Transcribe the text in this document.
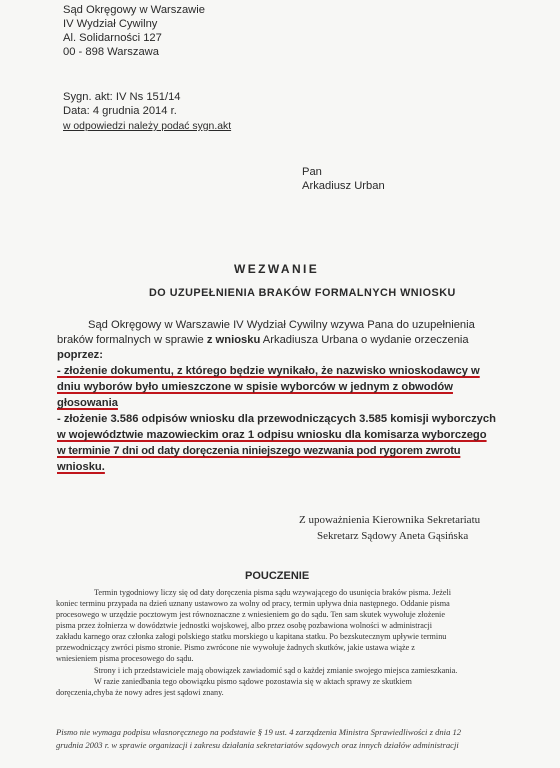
Sąd Okręgowy w Warszawie
IV Wydział Cywilny
Al. Solidarności 127
00 - 898 Warszawa
Sygn. akt: IV Ns 151/14
Data: 4 grudnia 2014 r.
w odpowiedzi należy podać sygn.akt
Pan
Arkadiusz Urban
WEZWANIE
DO UZUPEŁNIENIA BRAKÓW FORMALNYCH WNIOSKU
Sąd Okręgowy w Warszawie IV Wydział Cywilny wzywa Pana do uzupełnienia
braków formalnych w sprawie z wniosku Arkadiusza Urbana o wydanie orzeczenia
poprzez:
- złożenie dokumentu, z którego będzie wynikało, że nazwisko wnioskodawcy w
dniu wyborów było umieszczone w spisie wyborców w jednym z obwodów
głosowania
- złożenie 3.586 odpisów wniosku dla przewodniczących 3.585 komisji wyborczych
w województwie mazowieckim oraz 1 odpisu wniosku dla komisarza wyborczego
w terminie 7 dni od daty doręczenia niniejszego wezwania pod rygorem zwrotu
wniosku.
Z upoważnienia Kierownika Sekretariatu
Sekretarz Sądowy Aneta Gąsińska
POUCZENIE
Termin tygodniowy liczy się od daty doręczenia pisma sądu wzywającego do usunięcia braków pisma. Jeżeli
koniec terminu przypada na dzień uznany ustawowo za wolny od pracy, termin upływa dnia następnego. Oddanie pisma
procesowego w urzędzie pocztowym jest równoznaczne z wniesieniem go do sądu. Ten sam skutek wywołuje złożenie
pisma przez żołnierza w dowództwie jednostki wojskowej, albo przez osobę pozbawiona wolności w administracji
zakładu karnego oraz członka załogi polskiego statku morskiego u kapitana statku. Po bezskutecznym upływie terminu
przewodniczący zwróci pismo stronie. Pismo zwrócone nie wywołuje żadnych skutków, jakie ustawa wiąże z
wniesieniem pisma procesowego do sądu.
Strony i ich przedstawiciele mają obowiązek zawiadomić sąd o każdej zmianie swojego miejsca zamieszkania.
W razie zaniedbania tego obowiązku pismo sądowe pozostawia się w aktach sprawy ze skutkiem
doręczenia,chyba że nowy adres jest sądowi znany.
Pismo nie wymaga podpisu własnoręcznego na podstawie § 19 ust. 4 zarządzenia Ministra Sprawiedliwości z dnia 12
grudnia 2003 r. w sprawie organizacji i zakresu działania sekretariatów sądowych oraz innych działów administracji
